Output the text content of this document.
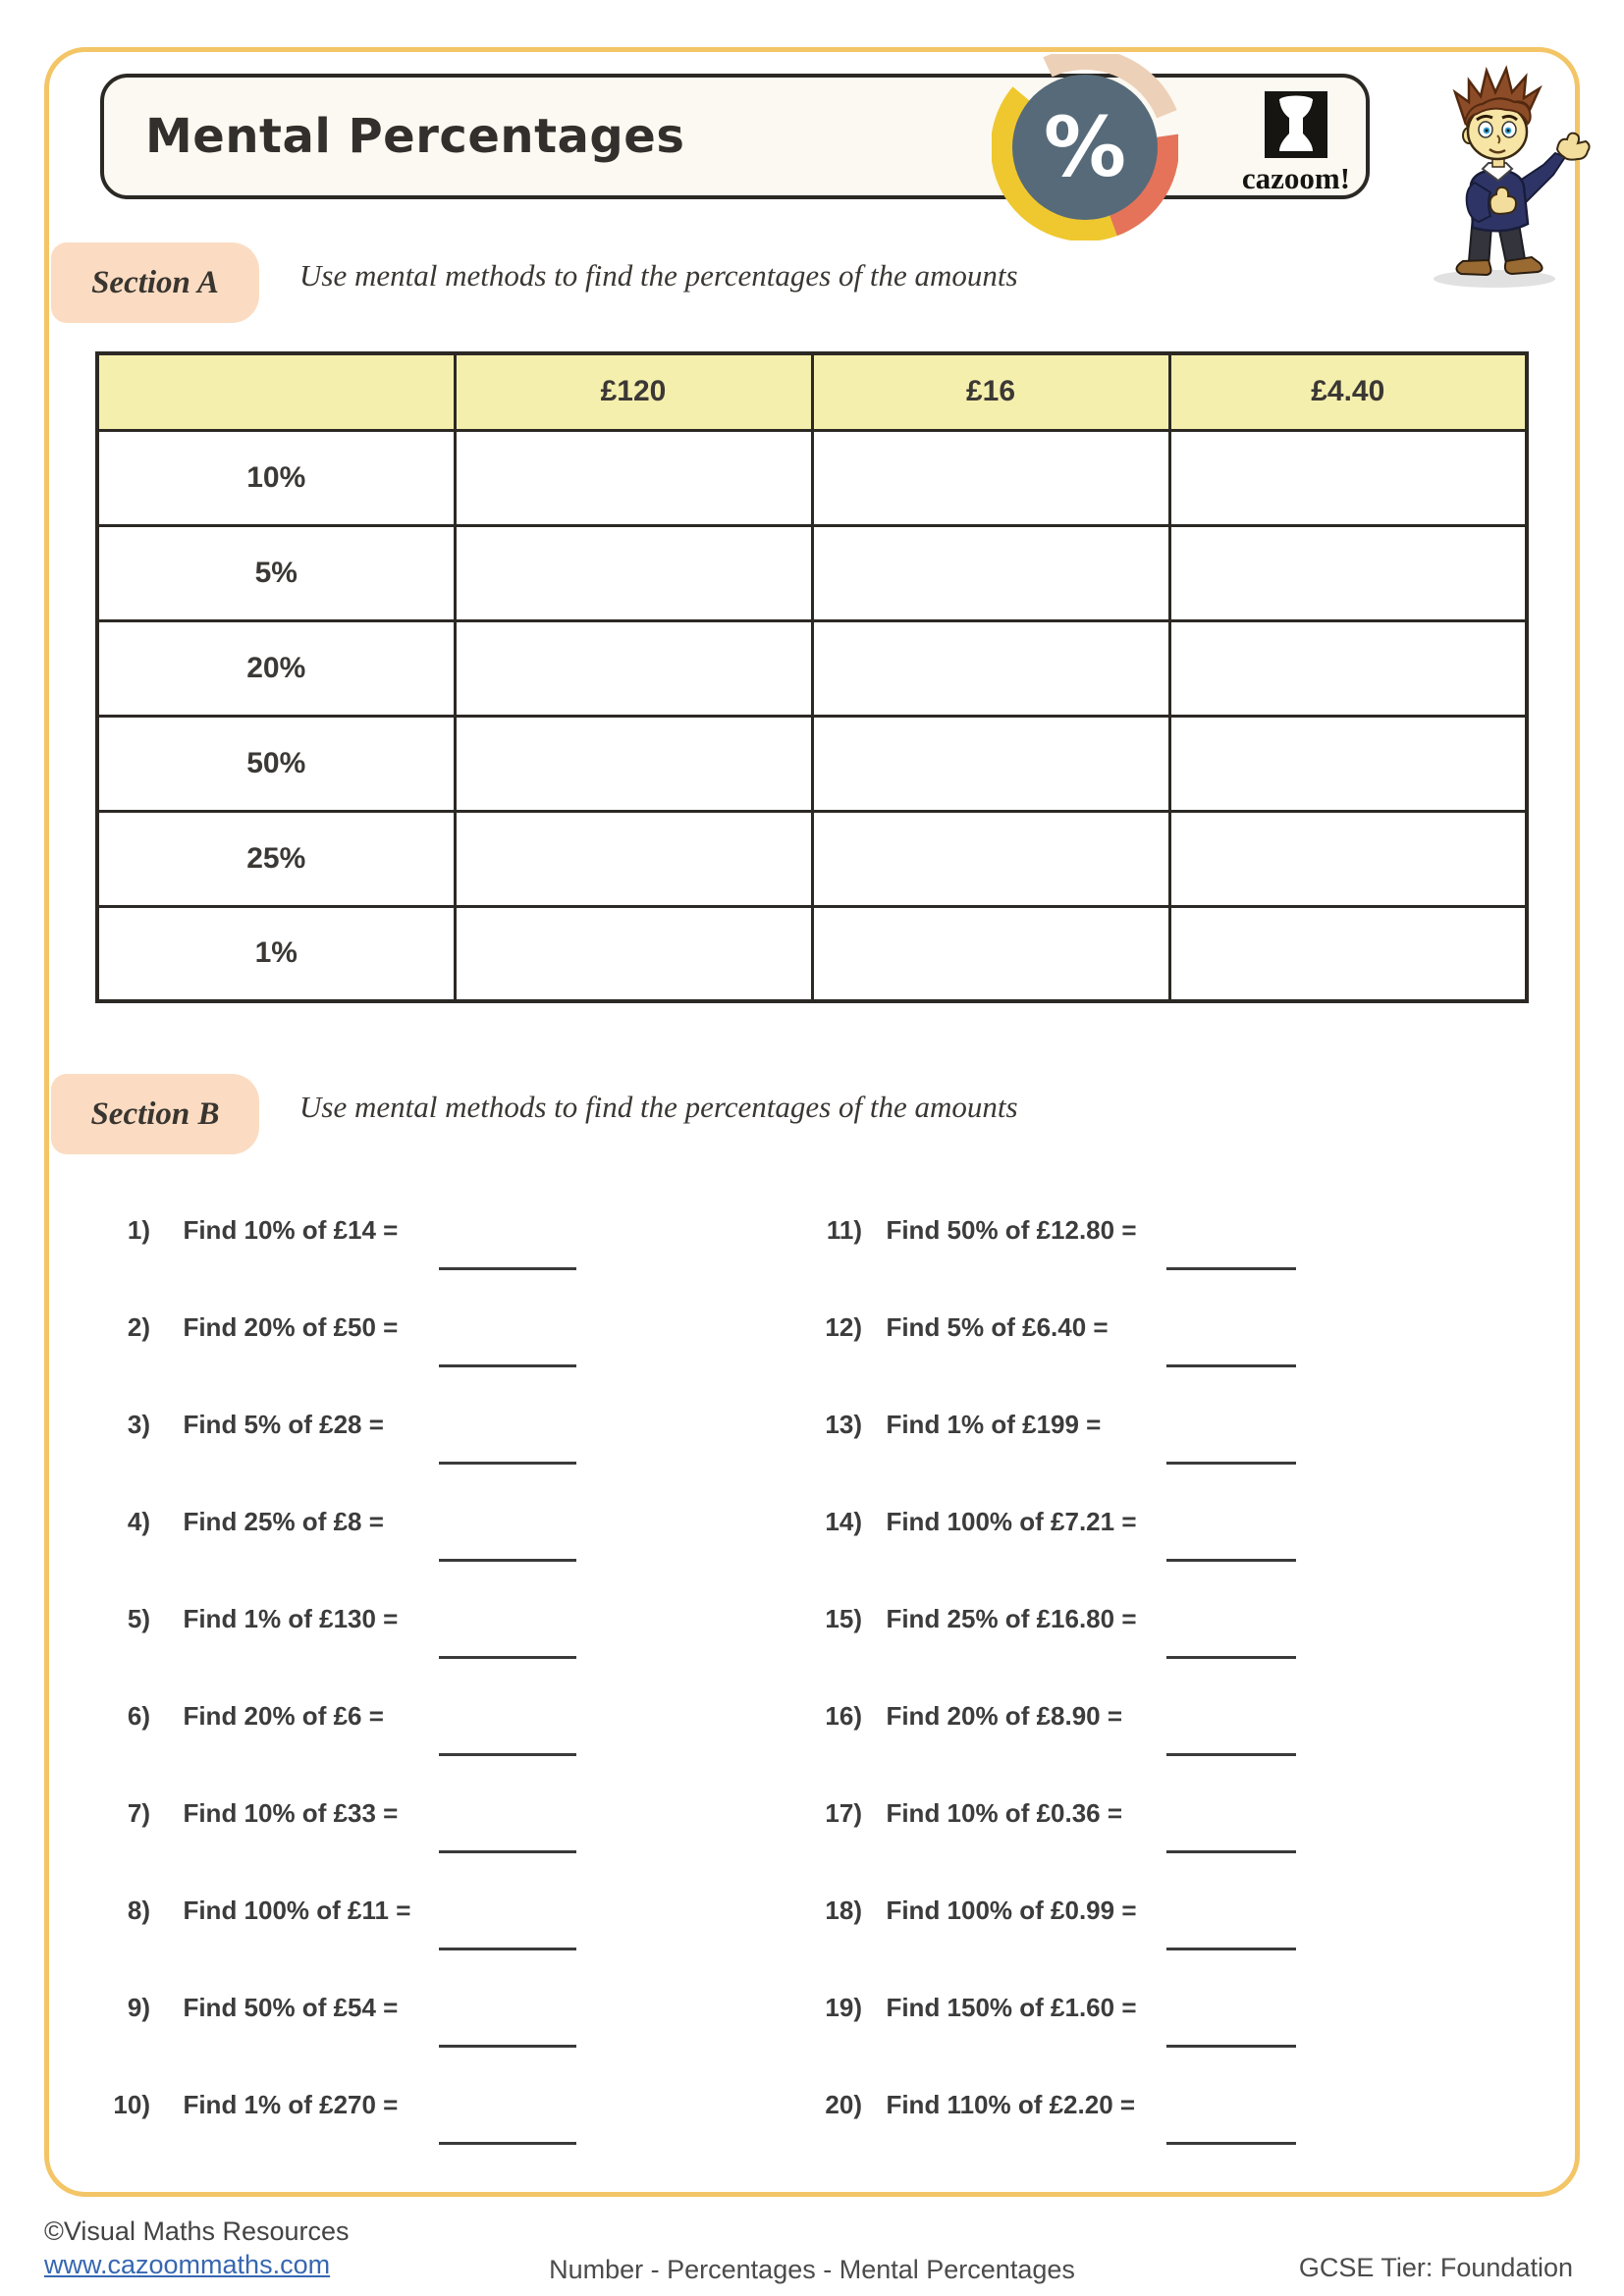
Mental Percentages	%	cazoom!
Section A	Use mental methods to find the percentages of the amounts
	£120	£16	£4.40
10%			
5%			
20%			
50%			
25%			
1%			
Section B	Use mental methods to find the percentages of the amounts
1) Find 10% of £14 =
2) Find 20% of £50 =
3) Find 5% of £28 =
4) Find 25% of £8 =
5) Find 1% of £130 =
6) Find 20% of £6 =
7) Find 10% of £33 =
8) Find 100% of £11 =
9) Find 50% of £54 =
10) Find 1% of £270 =
11) Find 50% of £12.80 =
12) Find 5% of £6.40 =
13) Find 1% of £199 =
14) Find 100% of £7.21 =
15) Find 25% of £16.80 =
16) Find 20% of £8.90 =
17) Find 10% of £0.36 =
18) Find 100% of £0.99 =
19) Find 150% of £1.60 =
20) Find 110% of £2.20 =
©Visual Maths Resources
www.cazoommaths.com	Number - Percentages - Mental Percentages	GCSE Tier: Foundation
